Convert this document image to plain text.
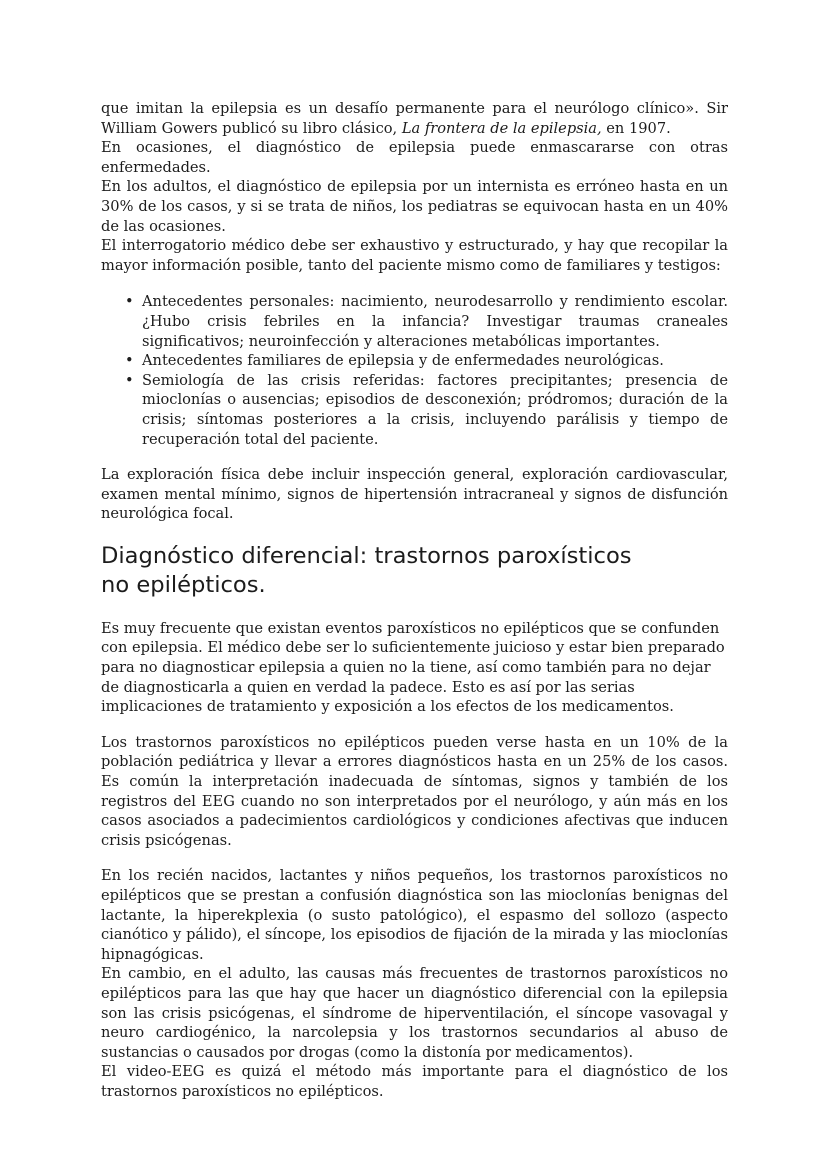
que imitan la epilepsia es un desafío permanente para el neurólogo clínico». Sir William Gowers publicó su libro clásico, La frontera de la epilepsia, en 1907.

En ocasiones, el diagnóstico de epilepsia puede enmascararse con otras enfermedades.

En los adultos, el diagnóstico de epilepsia por un internista es erróneo hasta en un 30% de los casos, y si se trata de niños, los pediatras se equivocan hasta en un 40% de las ocasiones.

El interrogatorio médico debe ser exhaustivo y estructurado, y hay que recopilar la mayor información posible, tanto del paciente mismo como de familiares y testigos:

• Antecedentes personales: nacimiento, neurodesarrollo y rendimiento escolar. ¿Hubo crisis febriles en la infancia? Investigar traumas craneales significativos; neuroinfección y alteraciones metabólicas importantes.
• Antecedentes familiares de epilepsia y de enfermedades neurológicas.
• Semiología de las crisis referidas: factores precipitantes; presencia de mioclonías o ausencias; episodios de desconexión; pródromos; duración de la crisis; síntomas posteriores a la crisis, incluyendo parálisis y tiempo de recuperación total del paciente.

La exploración física debe incluir inspección general, exploración cardiovascular, examen mental mínimo, signos de hipertensión intracraneal y signos de disfunción neurológica focal.

Diagnóstico diferencial: trastornos paroxísticos no epilépticos.

Es muy frecuente que existan eventos paroxísticos no epilépticos que se confunden con epilepsia. El médico debe ser lo suficientemente juicioso y estar bien preparado para no diagnosticar epilepsia a quien no la tiene, así como también para no dejar de diagnosticarla a quien en verdad la padece. Esto es así por las serias implicaciones de tratamiento y exposición a los efectos de los medicamentos.

Los trastornos paroxísticos no epilépticos pueden verse hasta en un 10% de la población pediátrica y llevar a errores diagnósticos hasta en un 25% de los casos. Es común la interpretación inadecuada de síntomas, signos y también de los registros del EEG cuando no son interpretados por el neurólogo, y aún más en los casos asociados a padecimientos cardiológicos y condiciones afectivas que inducen crisis psicógenas.

En los recién nacidos, lactantes y niños pequeños, los trastornos paroxísticos no epilépticos que se prestan a confusión diagnóstica son las mioclonías benignas del lactante, la hiperekplexia (o susto patológico), el espasmo del sollozo (aspecto cianótico y pálido), el síncope, los episodios de fijación de la mirada y las mioclonías hipnagógicas.

En cambio, en el adulto, las causas más frecuentes de trastornos paroxísticos no epilépticos para las que hay que hacer un diagnóstico diferencial con la epilepsia son las crisis psicógenas, el síndrome de hiperventilación, el síncope vasovagal y neuro cardiogénico, la narcolepsia y los trastornos secundarios al abuso de sustancias o causados por drogas (como la distonía por medicamentos).

El video-EEG es quizá el método más importante para el diagnóstico de los trastornos paroxísticos no epilépticos.
